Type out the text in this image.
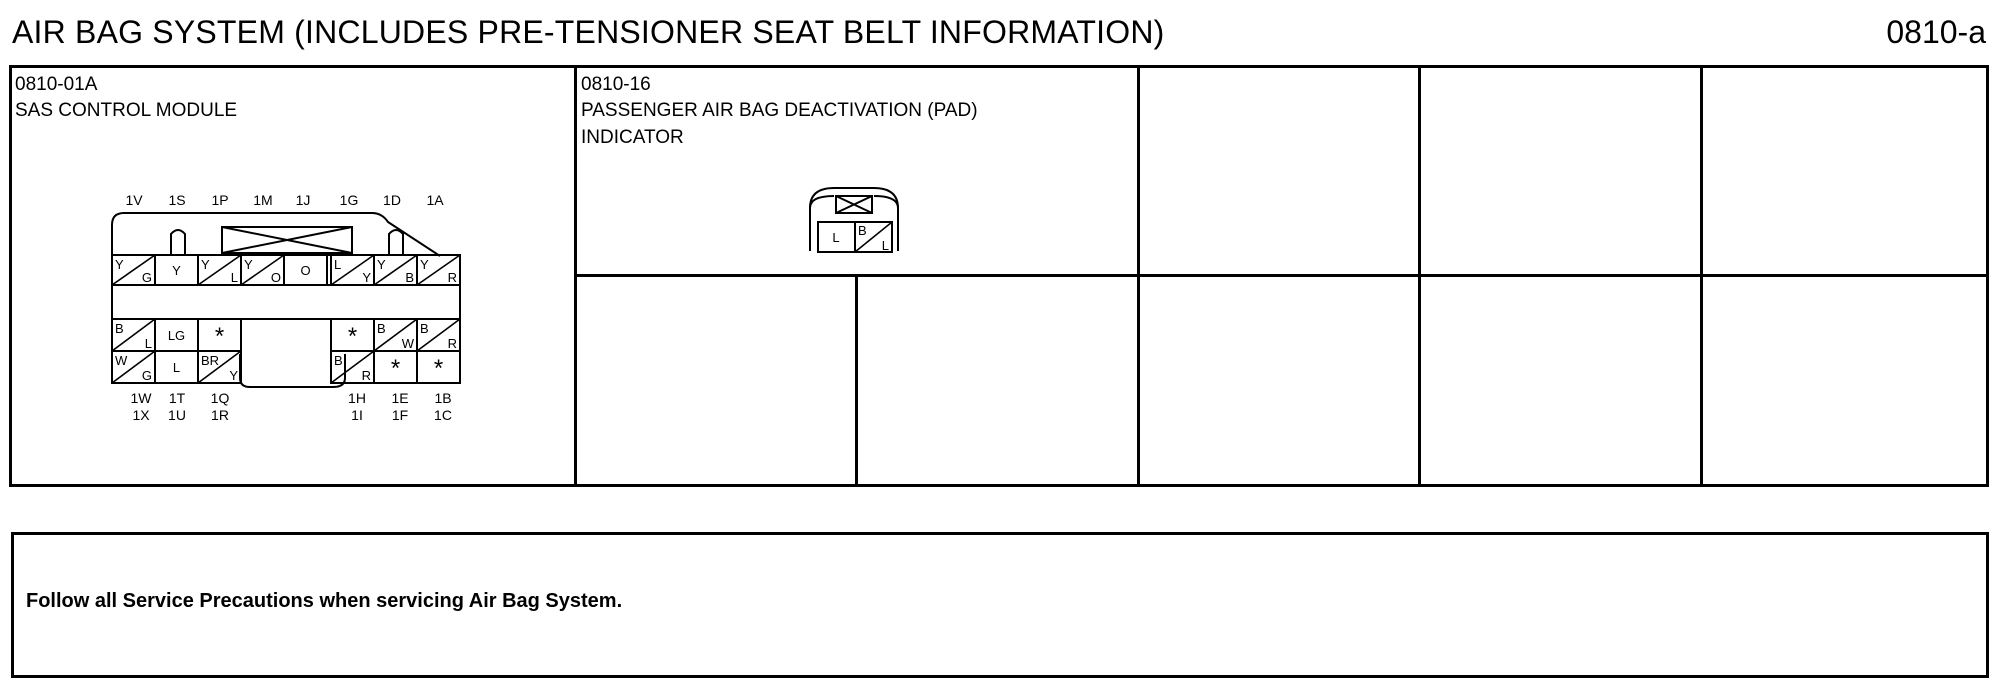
AIR BAG SYSTEM (INCLUDES PRE-TENSIONER SEAT BELT INFORMATION)	0810-a
0810-01A
SAS CONTROL MODULE
0810-16
PASSENGER AIR BAG DEACTIVATION (PAD)
INDICATOR
Y
G Y Y
L
Y
O O L
Y
Y
B
Y
R
B
L
LG *
W
G
L BR
Y
* B
W
B
R
B
R * *
1V 1S 1P 1M 1J 1G 1D 1A
1W 1T 1Q	1H 1E 1B
1X 1U 1R	1I 1F 1C
L B
L
Follow all Service Precautions when servicing Air Bag System.
